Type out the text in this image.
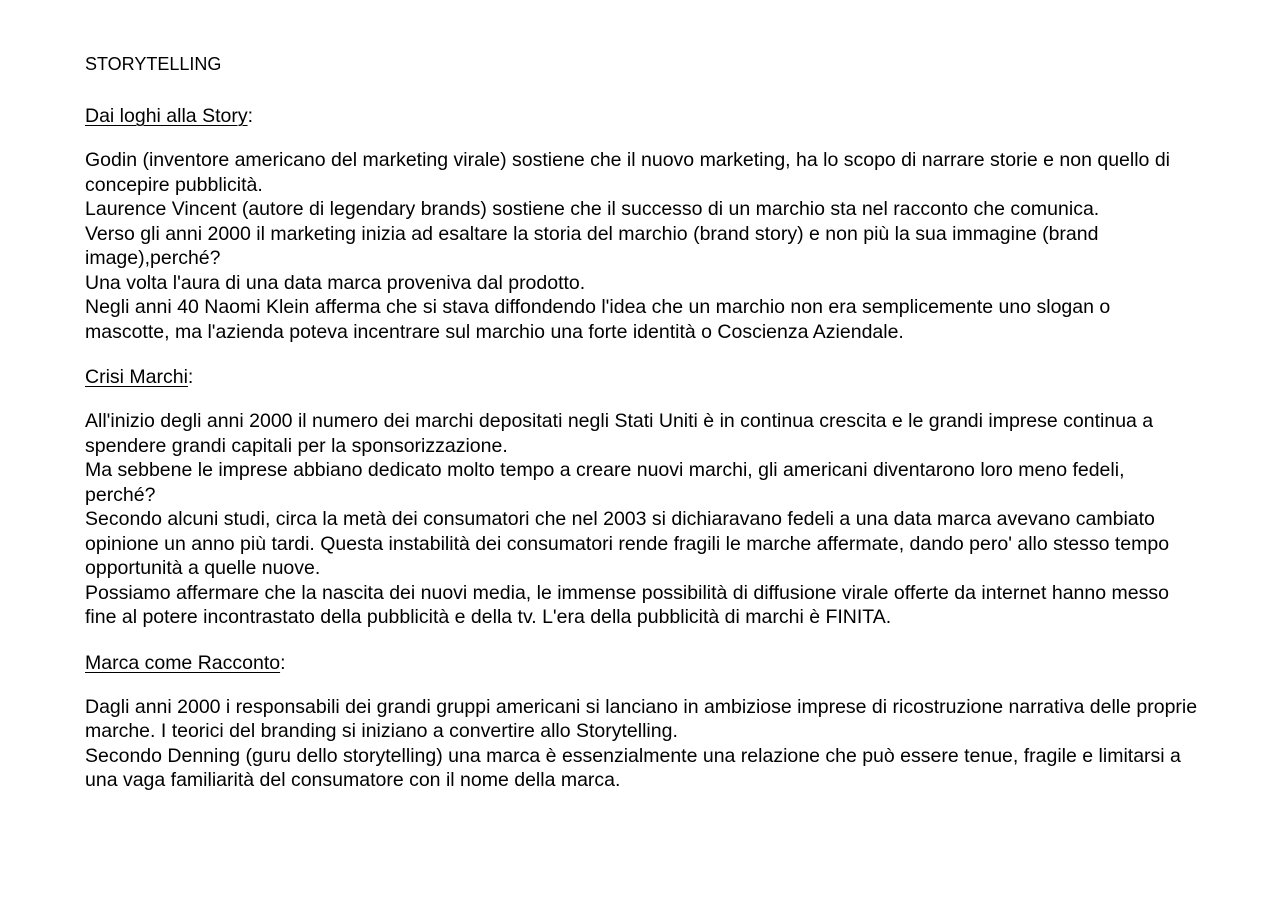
STORYTELLING
Dai loghi alla Story:

Godin (inventore americano del marketing virale) sostiene che il nuovo marketing, ha lo scopo di narrare storie e non quello di concepire pubblicità.

Laurence Vincent (autore di legendary brands) sostiene che il successo di un marchio sta nel racconto che comunica.

Verso gli anni 2000 il marketing inizia ad esaltare la storia del marchio (brand story) e non più la sua immagine (brand image),perché?

Una volta l'aura di una data marca proveniva dal prodotto.

Negli anni 40 Naomi Klein afferma che si stava diffondendo l'idea che un marchio non era semplicemente uno slogan o mascotte, ma l'azienda poteva incentrare sul marchio una forte identità o Coscienza Aziendale.

Crisi Marchi:

All'inizio degli anni 2000 il numero dei marchi depositati negli Stati Uniti è in continua crescita e le grandi imprese continua a spendere grandi capitali per la sponsorizzazione.

Ma sebbene le imprese abbiano dedicato molto tempo a creare nuovi marchi, gli americani diventarono loro meno fedeli, perché?

Secondo alcuni studi, circa la metà dei consumatori che nel 2003 si dichiaravano fedeli a una data marca avevano cambiato opinione un anno più tardi. Questa instabilità dei consumatori rende fragili le marche affermate, dando pero' allo stesso tempo opportunità a quelle nuove.

Possiamo affermare che la nascita dei nuovi media, le immense possibilità di diffusione virale offerte da internet hanno messo fine al potere incontrastato della pubblicità e della tv. L'era della pubblicità di marchi è FINITA.

Marca come Racconto:

Dagli anni 2000 i responsabili dei grandi gruppi americani si lanciano in ambiziose imprese di ricostruzione narrativa delle proprie marche. I teorici del branding si iniziano a convertire allo Storytelling.

Secondo Denning (guru dello storytelling) una marca è essenzialmente una relazione che può essere tenue, fragile e limitarsi a una vaga familiarità del consumatore con il nome della marca.
